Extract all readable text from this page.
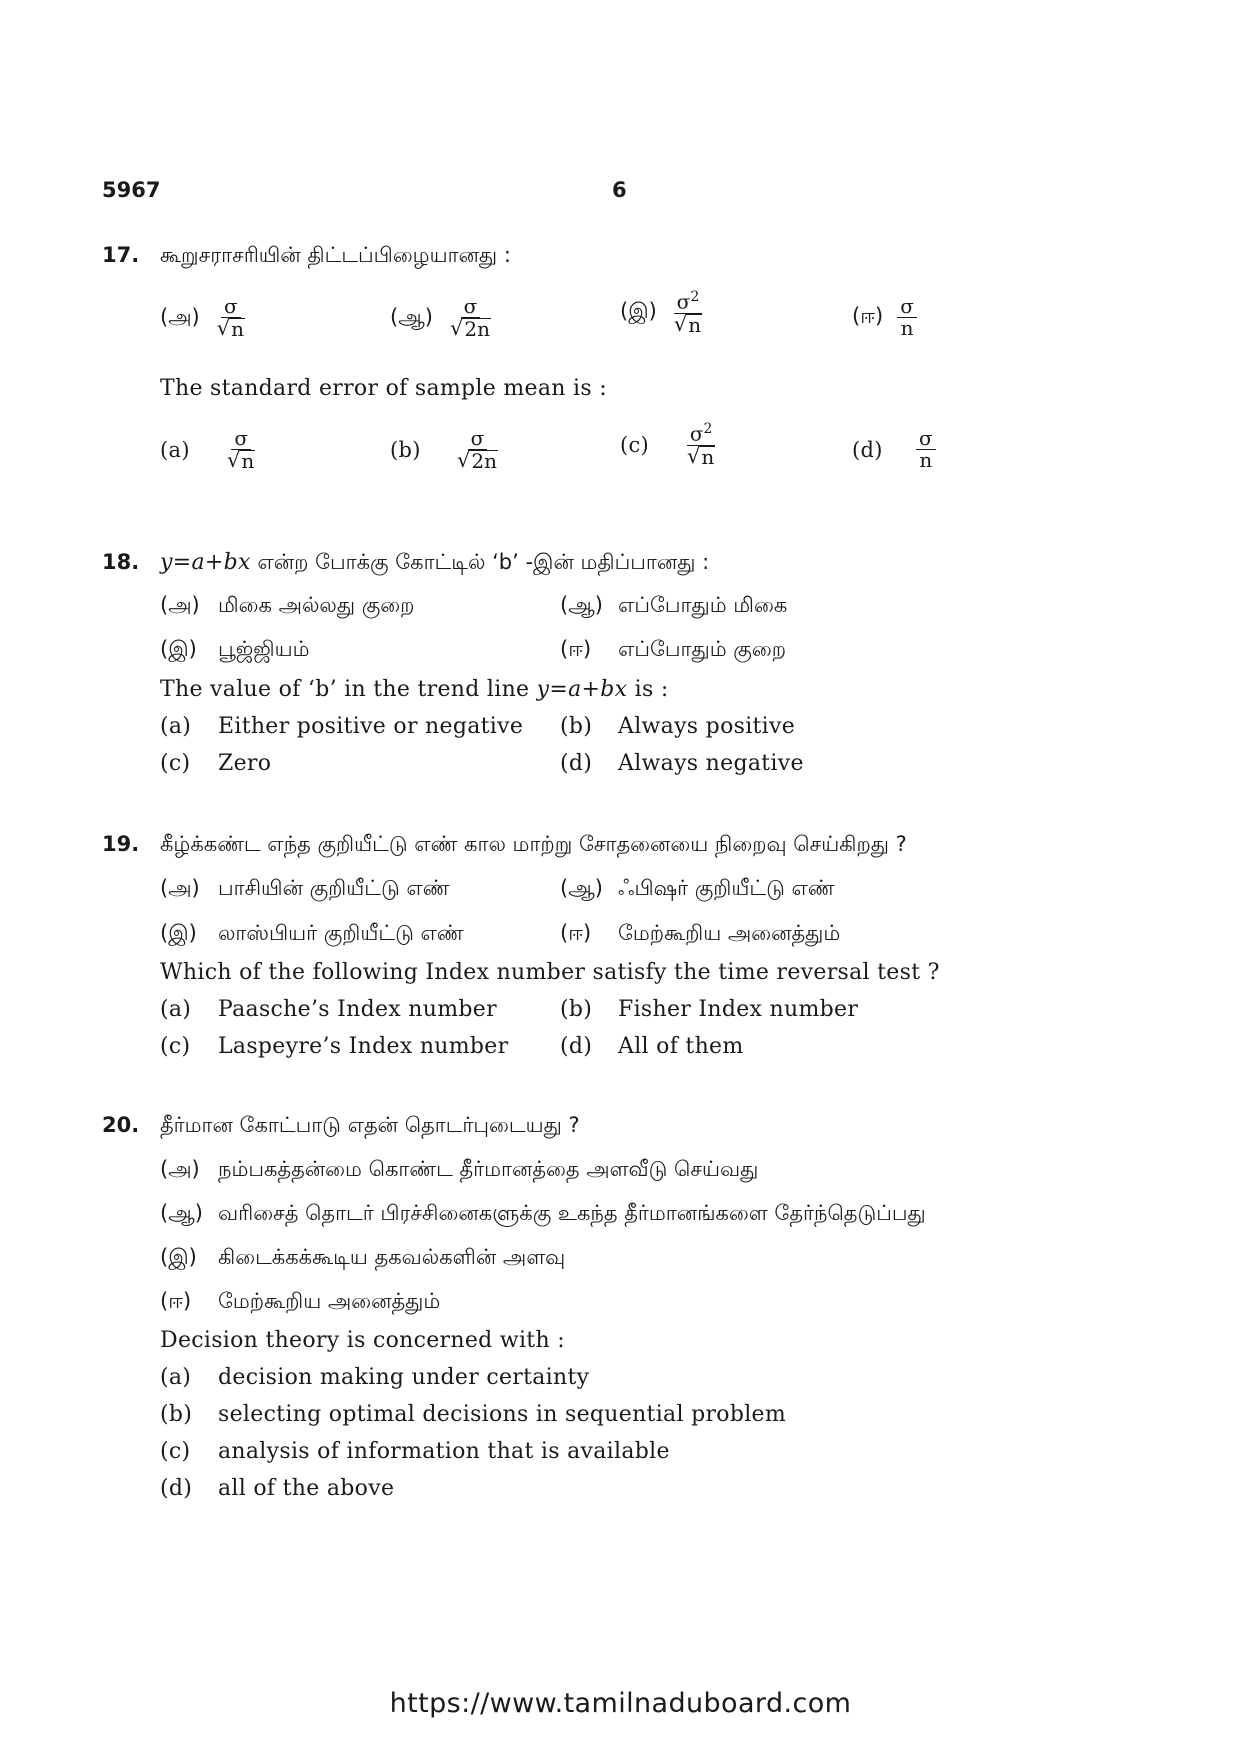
5967	6
17. கூறுசராசரியின் திட்டப்பிழையானது :
(அ) $\frac{\sigma}{√ n}$	(ஆ) $\frac{\sigma}{√ 2n}$	(இ) $\frac{\sigma^2}{√ n}$	(ஈ) $\frac{\sigma}{n}$
The standard error of sample mean is :
(a)	$\frac{\sigma}{√ n}$	(b)	$\frac{\sigma}{√ 2n}$	(c)	$\frac{\sigma^2}{√ n}$	(d)	$\frac{\sigma}{n}$
18. y=a+bx என்ற போக்கு கோட்டில் ‘b’ -இன் மதிப்பானது :
(அ) மிகை அல்லது குறை	(ஆ) எப்போதும் மிகை
(இ) பூஜ்ஜியம்	(ஈ) எப்போதும் குறை
The value of ‘b’ in the trend line y=a+bx is :
(a) Either positive or negative (b) Always positive
(c) Zero	(d) Always negative
19. கீழ்க்கண்ட எந்த குறியீட்டு எண் கால மாற்று சோதனையை நிறைவு செய்கிறது ?
(அ) பாசியின் குறியீட்டு எண்	(ஆ) ஃபிஷர் குறியீட்டு எண்
(இ) லாஸ்பியர் குறியீட்டு எண்	(ஈ) மேற்கூறிய அனைத்தும்
Which of the following Index number satisfy the time reversal test ?
(a) Paasche’s Index number	(b) Fisher Index number
(c) Laspeyre’s Index number (d) All of them
20. தீர்மான கோட்பாடு எதன் தொடர்புடையது ?
(அ) நம்பகத்தன்மை கொண்ட தீர்மானத்தை அளவீடு செய்வது
(ஆ) வரிசைத் தொடர் பிரச்சினைகளுக்கு உகந்த தீர்மானங்களை தேர்ந்தெடுப்பது
(இ) கிடைக்கக்கூடிய தகவல்களின் அளவு
(ஈ) மேற்கூறிய அனைத்தும்
Decision theory is concerned with :
(a) decision making under certainty
(b) selecting optimal decisions in sequential problem
(c) analysis of information that is available
(d) all of the above
https://www.tamilnaduboard.com
